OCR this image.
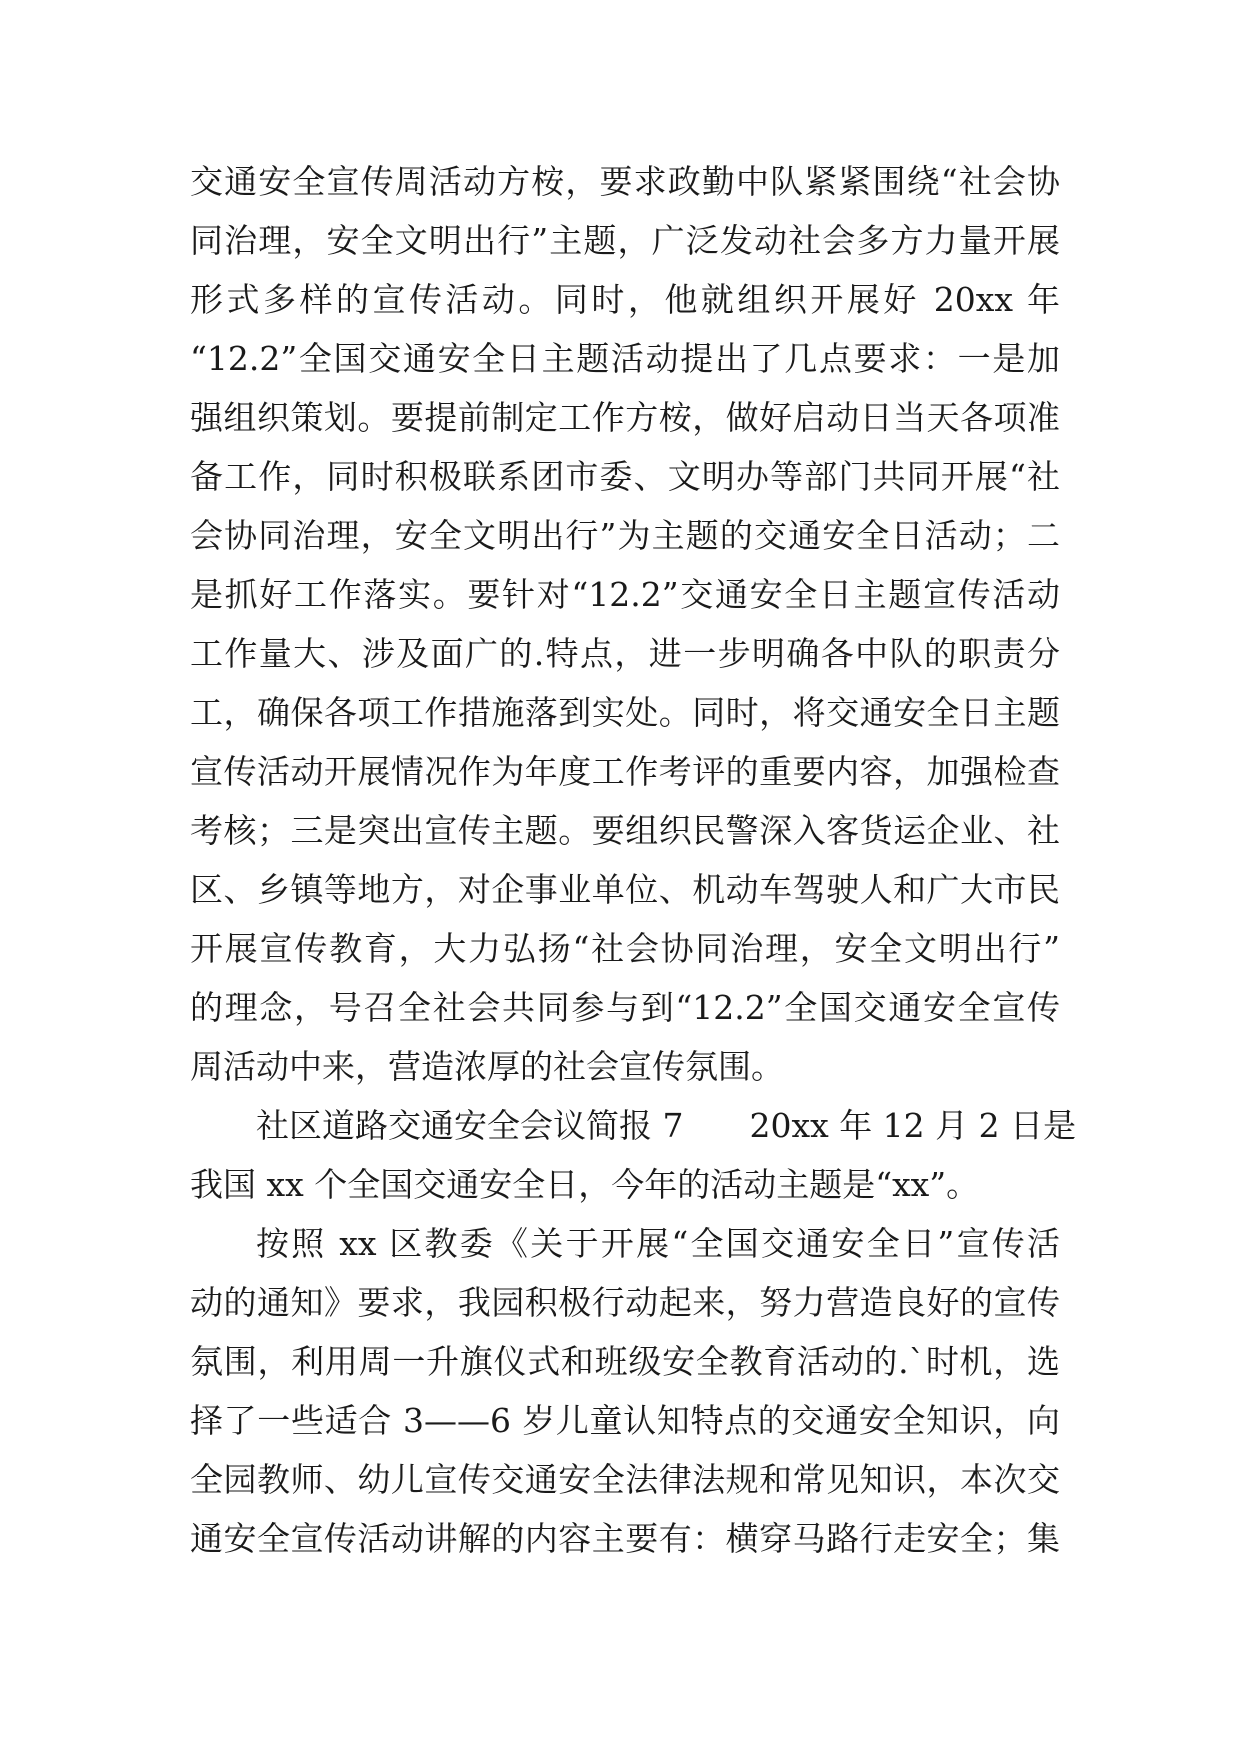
交通安全宣传周活动方桉，要求政勤中队紧紧围绕“社会协
同治理，安全文明出行”主题，广泛发动社会多方力量开展
形式多样的宣传活动。同时，他就组织开展好 20xx 年
“12.2”全国交通安全日主题活动提出了几点要求：一是加
强组织策划。要提前制定工作方桉，做好启动日当天各项准
备工作，同时积极联系团市委、文明办等部门共同开展“社
会协同治理，安全文明出行”为主题的交通安全日活动；二
是抓好工作落实。要针对“12.2”交通安全日主题宣传活动
工作量大、涉及面广的.特点，进一步明确各中队的职责分
工，确保各项工作措施落到实处。同时，将交通安全日主题
宣传活动开展情况作为年度工作考评的重要内容，加强检查
考核；三是突出宣传主题。要组织民警深入客货运企业、社
区、乡镇等地方，对企事业单位、机动车驾驶人和广大市民
开展宣传教育，大力弘扬“社会协同治理，安全文明出行”
的理念，号召全社会共同参与到“12.2”全国交通安全宣传
周活动中来，营造浓厚的社会宣传氛围。
社区道路交通安全会议简报 7　　20xx 年 12 月 2 日是
我国 xx 个全国交通安全日，今年的活动主题是“xx”。
按照 xx 区教委《关于开展“全国交通安全日”宣传活
动的通知》要求，我园积极行动起来，努力营造良好的宣传
氛围，利用周一升旗仪式和班级安全教育活动的.`时机，选
择了一些适合 3——6 岁儿童认知特点的交通安全知识，向
全园教师、幼儿宣传交通安全法律法规和常见知识，本次交
通安全宣传活动讲解的内容主要有：横穿马路行走安全；集
